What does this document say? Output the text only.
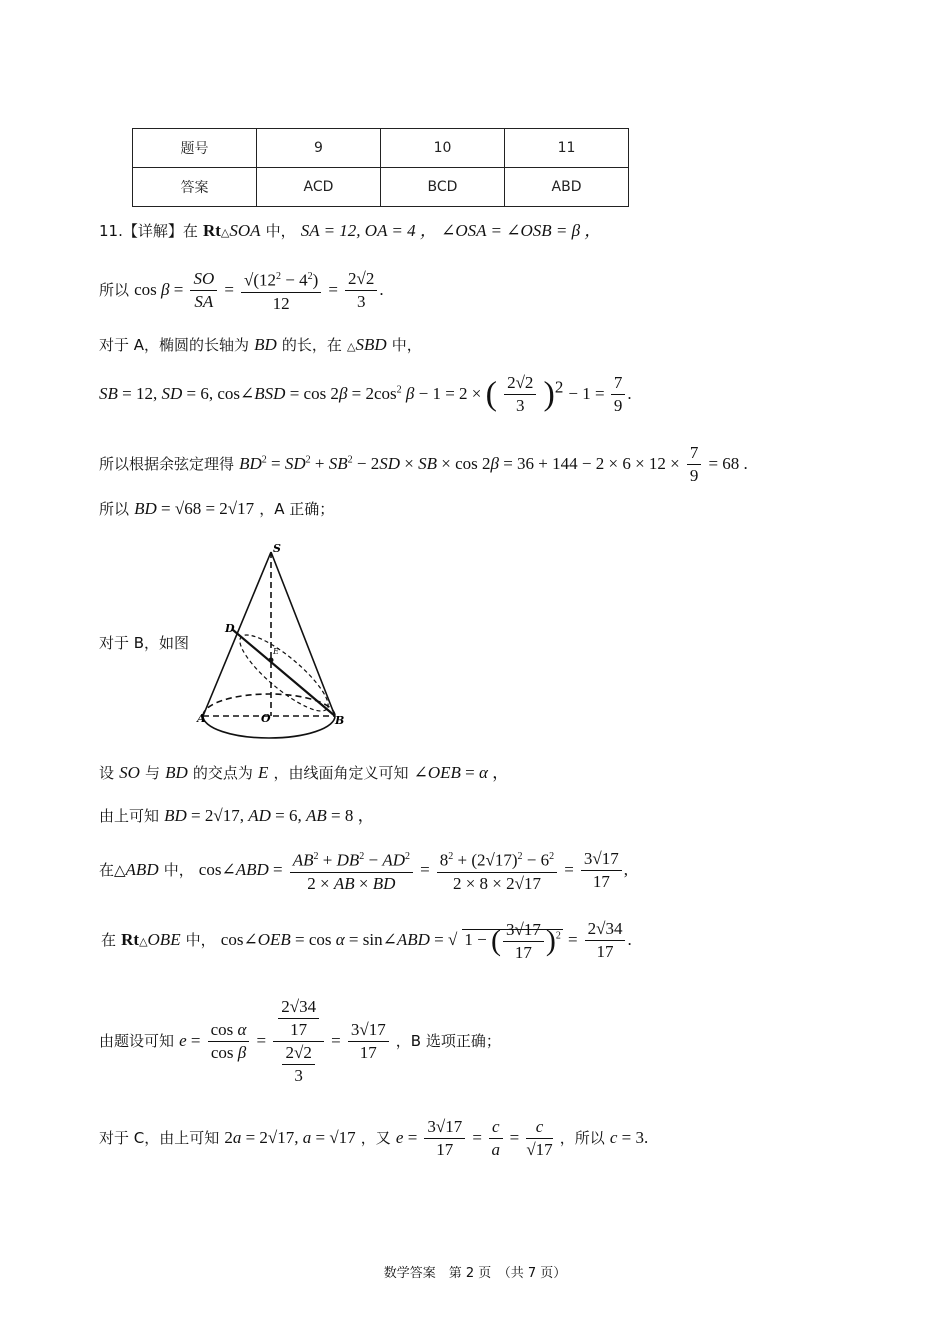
题号	9	10	11
答案	ACD	BCD	ABD
11.【详解】在 Rt△SOA 中， SA = 12, OA = 4 ， ∠OSA = ∠OSB = β ，
所以 $\cos \beta = \frac{SO}{SA} = \frac{√(12^2 - 4^2)}{12} = \frac{2√2}{3}$ .
对于 A，椭圆的长轴为 BD 的长，在 △SBD 中，
SB = 12, SD = 6, cos∠BSD = $\cos 2\beta = 2\cos^2$ β − 1 = 2 × ( $\frac{2√2}{3} )^2 - 1 = \frac{7}{9}$ .
所以根据余弦定理得 $BD^2 = SD^2 + SB^2 - 2SD$ × SB × $\cos 2\beta = 36 + 144 - 2 \times 6 \times 12 \times \frac{7}{9} = 68$ .
所以 BD = √68 = 2√17 ，A 正确；
对于 B，如图
S
D
E
O
A	B
设 SO 与 BD 的交点为 E ，由线面角定义可知 ∠OEB = α ，
由上可知 BD = 2√17, AD = 6, AB = 8 ，
在△ABD 中， cos∠ABD = $\frac{AB^2 + DB^2 - AD^2}{2 \times AB \times BD} = \frac{8^2 + (2√17)^2 - 6^2}{2 \times 8 \times 2√17} = \frac{3√17}{17}$ ,
在 Rt△OBE 中， cos∠OEB = cos α = sin∠ABD = √ 1 − ( $\frac{3√17}{17} )^2 = \frac{2√34}{17}$ .
由题设可知 $e = \frac{\text{cos α}}{\text{cos β}} = \frac{\frac{2√34}{17}}{\frac{2√2}{3}} = \frac{3√17}{17}$ ，B 选项正确；
对于 C，由上可知 2a = 2√17, a = √17 ，又 $e = \frac{3√17}{17} = \frac{c}{a} = \frac{c}{√17}$ ，所以 c = 3.
数学答案　第 2 页　（共 7 页）
